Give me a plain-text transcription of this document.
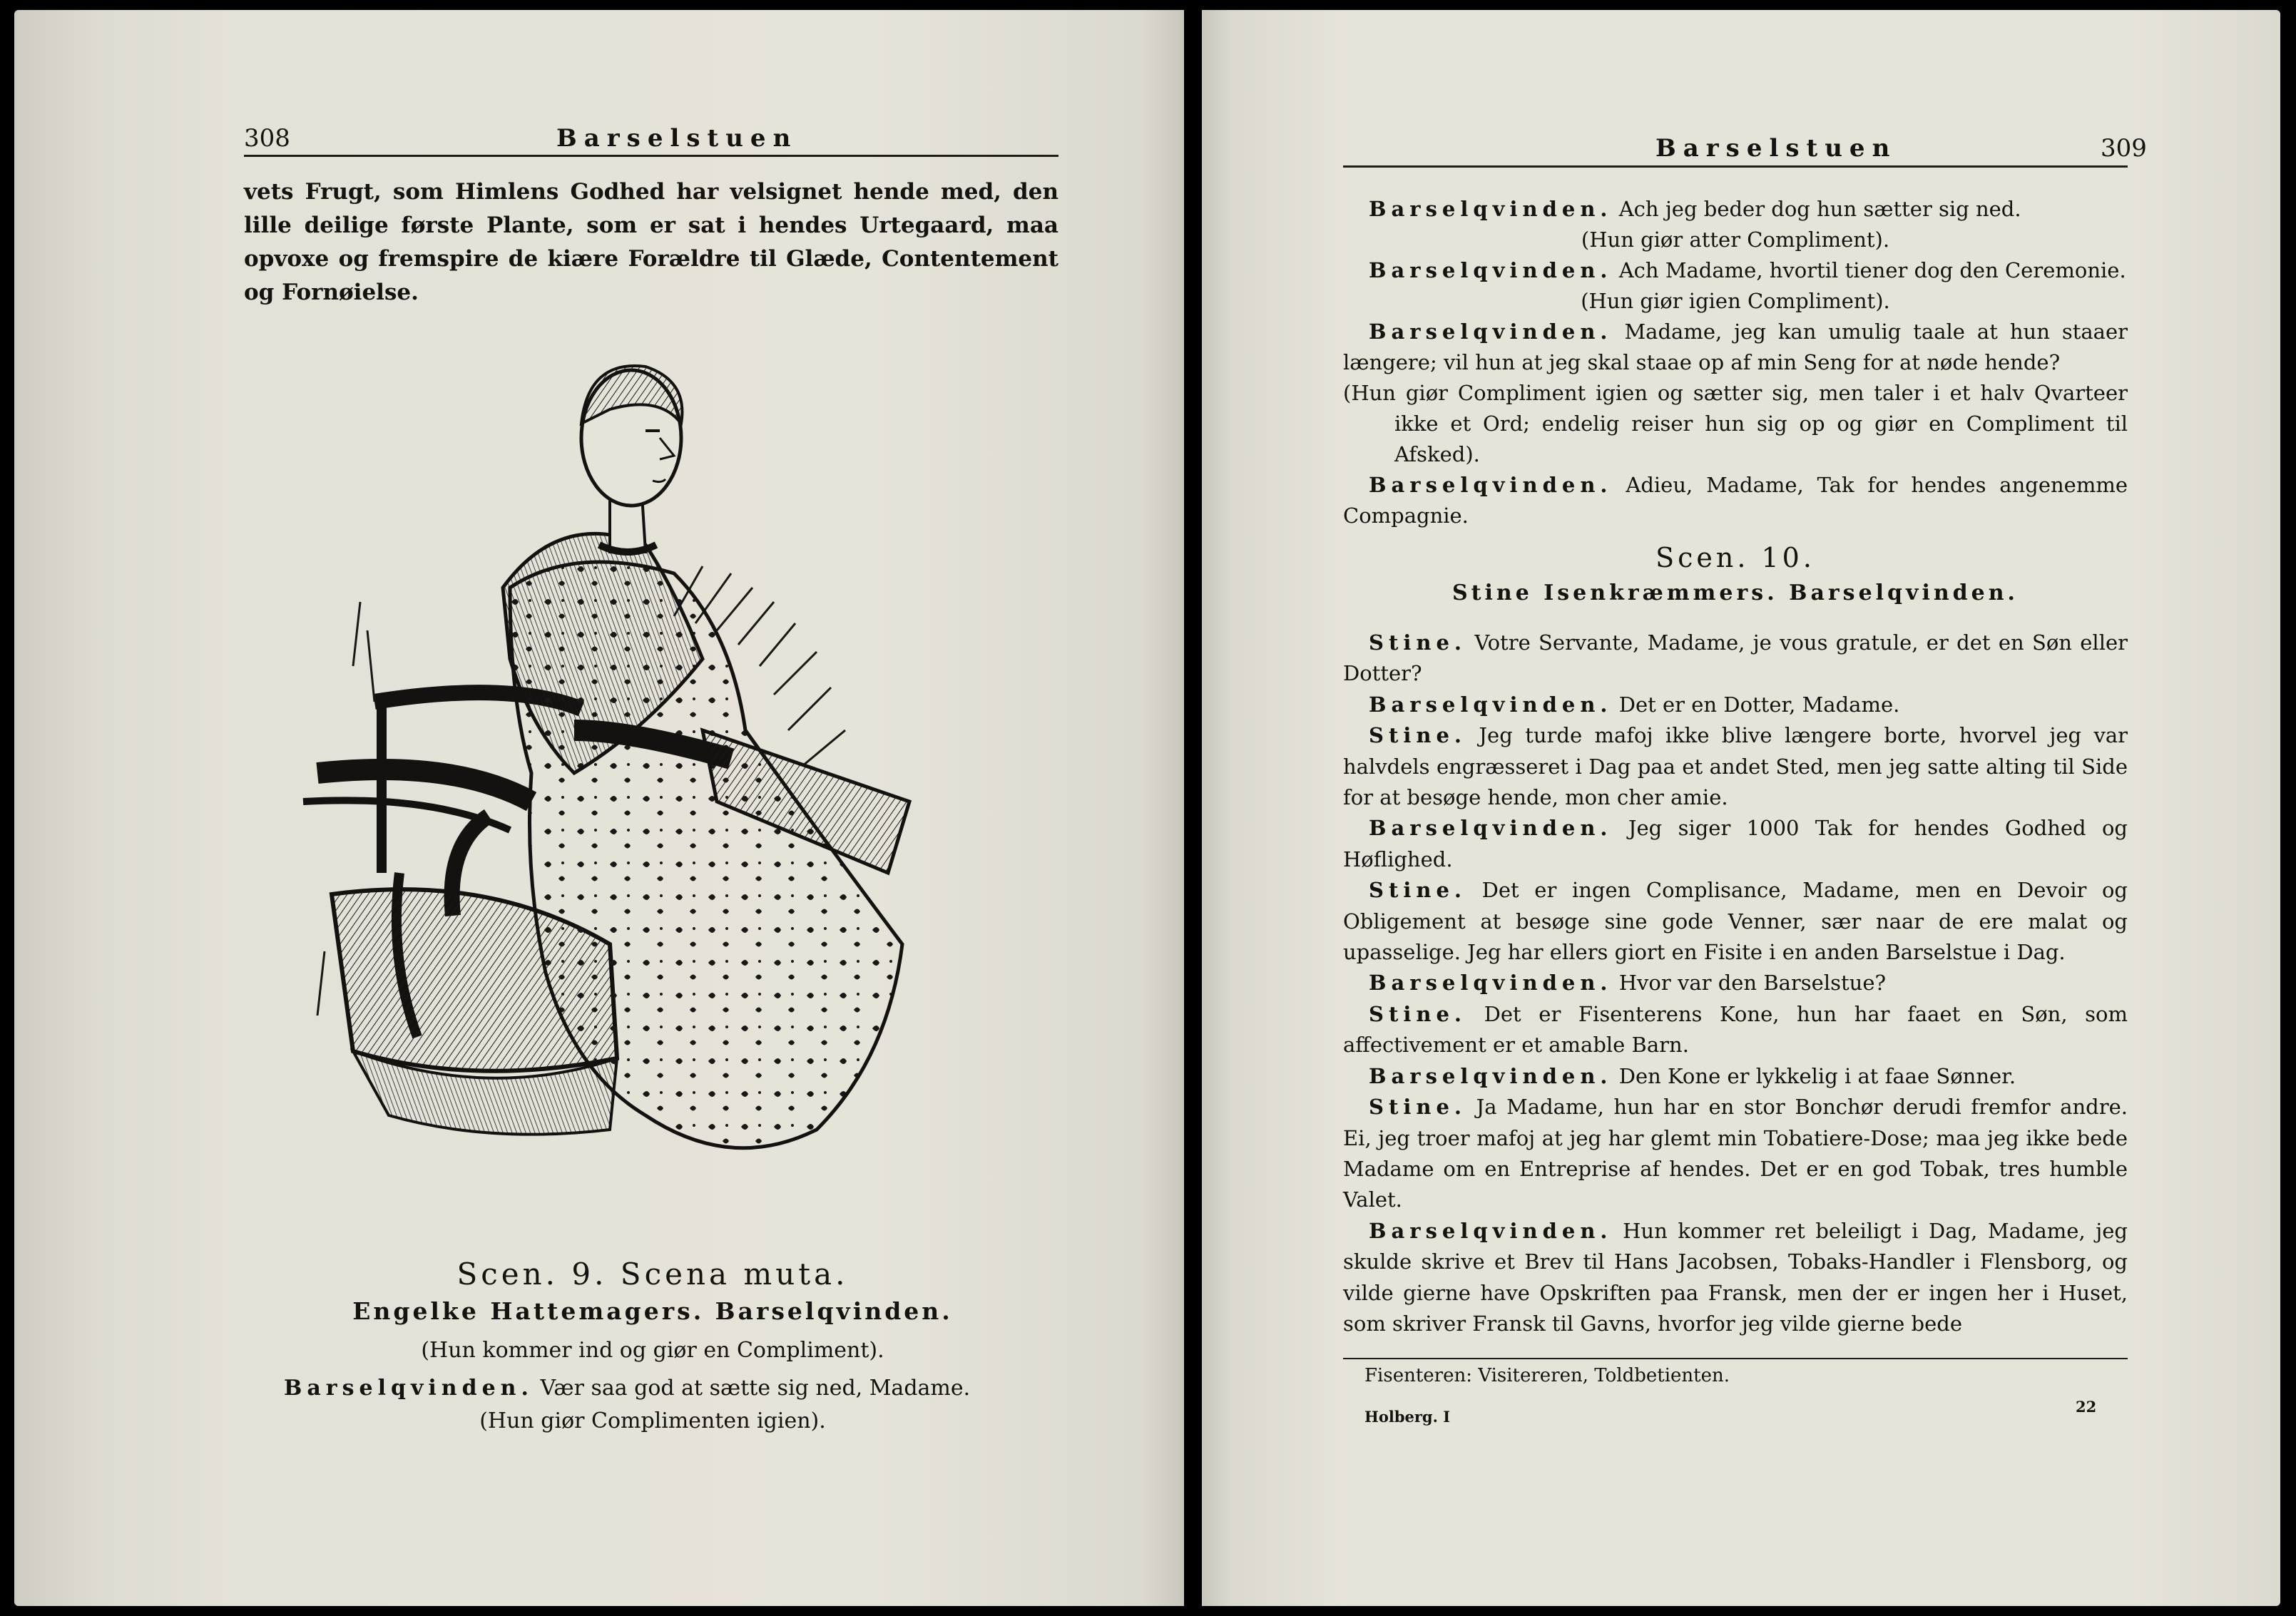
308	Barselstuen
vets Frugt, som Himlens Godhed har velsignet hende med, den lille deilige første Plante, som er sat i hendes Urtegaard, maa opvoxe og fremspire de kiære Forældre til Glæde, Contentement og Fornøielse.
Scen. 9. Scena muta.
Engelke Hattemagers. Barselqvinden.
(Hun kommer ind og giør en Compliment).
Barselqvinden. Vær saa god at sætte sig ned, Madame.
(Hun giør Complimenten igien).
Barselstuen	309

Barselqvinden. Ach jeg beder dog hun sætter sig ned.

(Hun giør atter Compliment).

Barselqvinden. Ach Madame, hvortil tiener dog den Ceremonie.

(Hun giør igien Compliment).

Barselqvinden. Madame, jeg kan umulig taale at hun staaer længere; vil hun at jeg skal staae op af min Seng for at nøde hende?

(Hun giør Compliment igien og sætter sig, men taler i et halv Qvarteer ikke et Ord; endelig reiser hun sig op og giør en Compliment til Afsked).

Barselqvinden. Adieu, Madame, Tak for hendes angenemme Compagnie.

Scen. 10.
Stine Isenkræmmers. Barselqvinden.

Stine. Votre Servante, Madame, je vous gratule, er det en Søn eller Dotter?

Barselqvinden. Det er en Dotter, Madame.

Stine. Jeg turde mafoj ikke blive længere borte, hvorvel jeg var halvdels engræsseret i Dag paa et andet Sted, men jeg satte alting til Side for at besøge hende, mon cher amie.

Barselqvinden. Jeg siger 1000 Tak for hendes Godhed og Høflighed.

Stine. Det er ingen Complisance, Madame, men en Devoir og Obligement at besøge sine gode Venner, sær naar de ere malat og upasselige. Jeg har ellers giort en Fisite i en anden Barselstue i Dag.

Barselqvinden. Hvor var den Barselstue?

Stine. Det er Fisenterens Kone, hun har faaet en Søn, som affectivement er et amable Barn.

Barselqvinden. Den Kone er lykkelig i at faae Sønner.

Stine. Ja Madame, hun har en stor Bonchør derudi fremfor andre. Ei, jeg troer mafoj at jeg har glemt min Tobatiere-Dose; maa jeg ikke bede Madame om en Entreprise af hendes. Det er en god Tobak, tres humble Valet.

Barselqvinden. Hun kommer ret beleiligt i Dag, Madame, jeg skulde skrive et Brev til Hans Jacobsen, Tobaks-Handler i Flensborg, og vilde gierne have Opskriften paa Fransk, men der er ingen her i Huset, som skriver Fransk til Gavns, hvorfor jeg vilde gierne bede

Fisenteren: Visitereren, Toldbetienten.
Holberg. I
22
